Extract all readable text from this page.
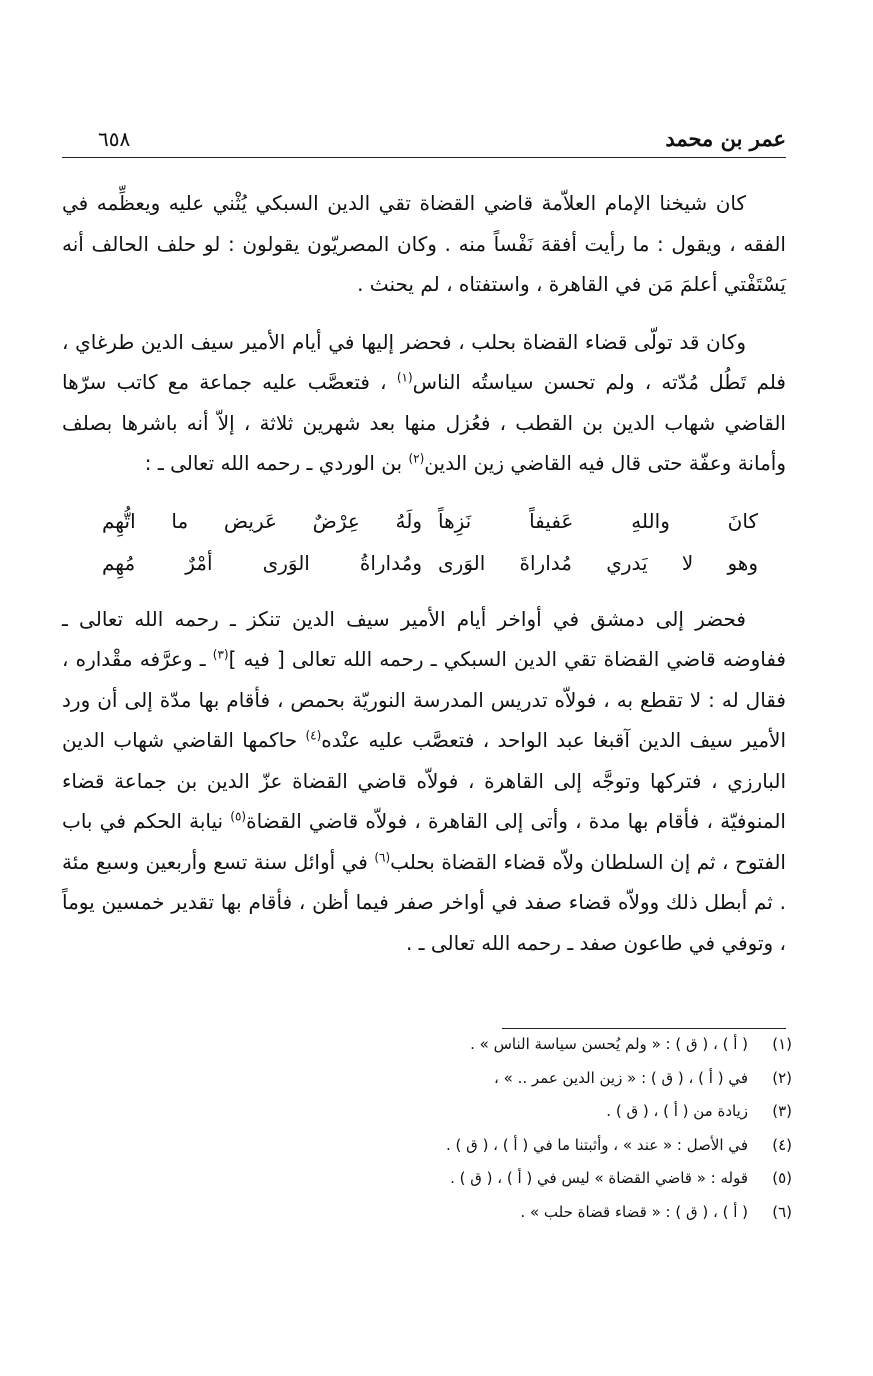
عمر بن محمد
٦٥٨

كان شيخنا الإمام العلاّمة قاضي القضاة تقي الدين السبكي يُثْني عليه ويعظِّمه في الفقه ، ويقول : ما رأيت أفقهَ نَفْساً منه . وكان المصريّون يقولون : لو حلف الحالف أنه يَسْتَفْتي أعلمَ مَن في القاهرة ، واستفتاه ، لم يحنث .

وكان قد تولّى قضاء القضاة بحلب ، فحضر إليها في أيام الأمير سيف الدين طرغاي ، فلم تَطُل مُدّته ، ولم تحسن سياستُه الناس$^{(١)}$ ، فتعصَّب عليه جماعة مع كاتب سرّها القاضي شهاب الدين بن القطب ، فعُزل منها بعد شهرين ثلاثة ، إلاّ أنه باشرها بصلف وأمانة وعفّة حتى قال فيه القاضي زين الدين$^{(٢)}$ بن الوردي ـ رحمه الله تعالى ـ :

كانَ واللهِ عَفيفاً نَزِهاً
ولَهُ عِرْضٌ عَريض ما اتُّهِم
وهو لا يَدري مُداراةَ الوَرى
ومُداراةُ الوَرى أمْرٌ مُهِم

فحضر إلى دمشق في أواخر أيام الأمير سيف الدين تنكز ـ رحمه الله تعالى ـ ففاوضه قاضي القضاة تقي الدين السبكي ـ رحمه الله تعالى [ فيه ]$^{(٣)}$ ـ وعرَّفه مقْداره ، فقال له : لا تقطع به ، فولاّه تدريس المدرسة النوريّة بحمص ، فأقام بها مدّة إلى أن ورد الأمير سيف الدين آقبغا عبد الواحد ، فتعصَّب عليه عنْده$^{(٤)}$ حاكمها القاضي شهاب الدين البارزي ، فتركها وتوجَّه إلى القاهرة ، فولاّه قاضي القضاة عزّ الدين بن جماعة قضاء المنوفيّة ، فأقام بها مدة ، وأتى إلى القاهرة ، فولاّه قاضي القضاة$^{(٥)}$ نيابة الحكم في باب الفتوح ، ثم إن السلطان ولاّه قضاء القضاة بحلب$^{(٦)}$ في أوائل سنة تسع وأربعين وسبع مئة . ثم أبطل ذلك وولاّه قضاء صفد في أواخر صفر فيما أظن ، فأقام بها تقدير خمسين يوماً ، وتوفي في طاعون صفد ـ رحمه الله تعالى ـ .

(١)
( أ ) ، ( ق ) : « ولم يُحسن سياسة الناس » .
(٢)
في ( أ ) ، ( ق ) : « زين الدين عمر .. » ،
(٣)
زيادة من ( أ ) ، ( ق ) .
(٤)
في الأصل : « عند » ، وأثبتنا ما في ( أ ) ، ( ق ) .
(٥)
قوله : « قاضي القضاة » ليس في ( أ ) ، ( ق ) .
(٦)
( أ ) ، ( ق ) : « قضاء قضاة حلب » .
